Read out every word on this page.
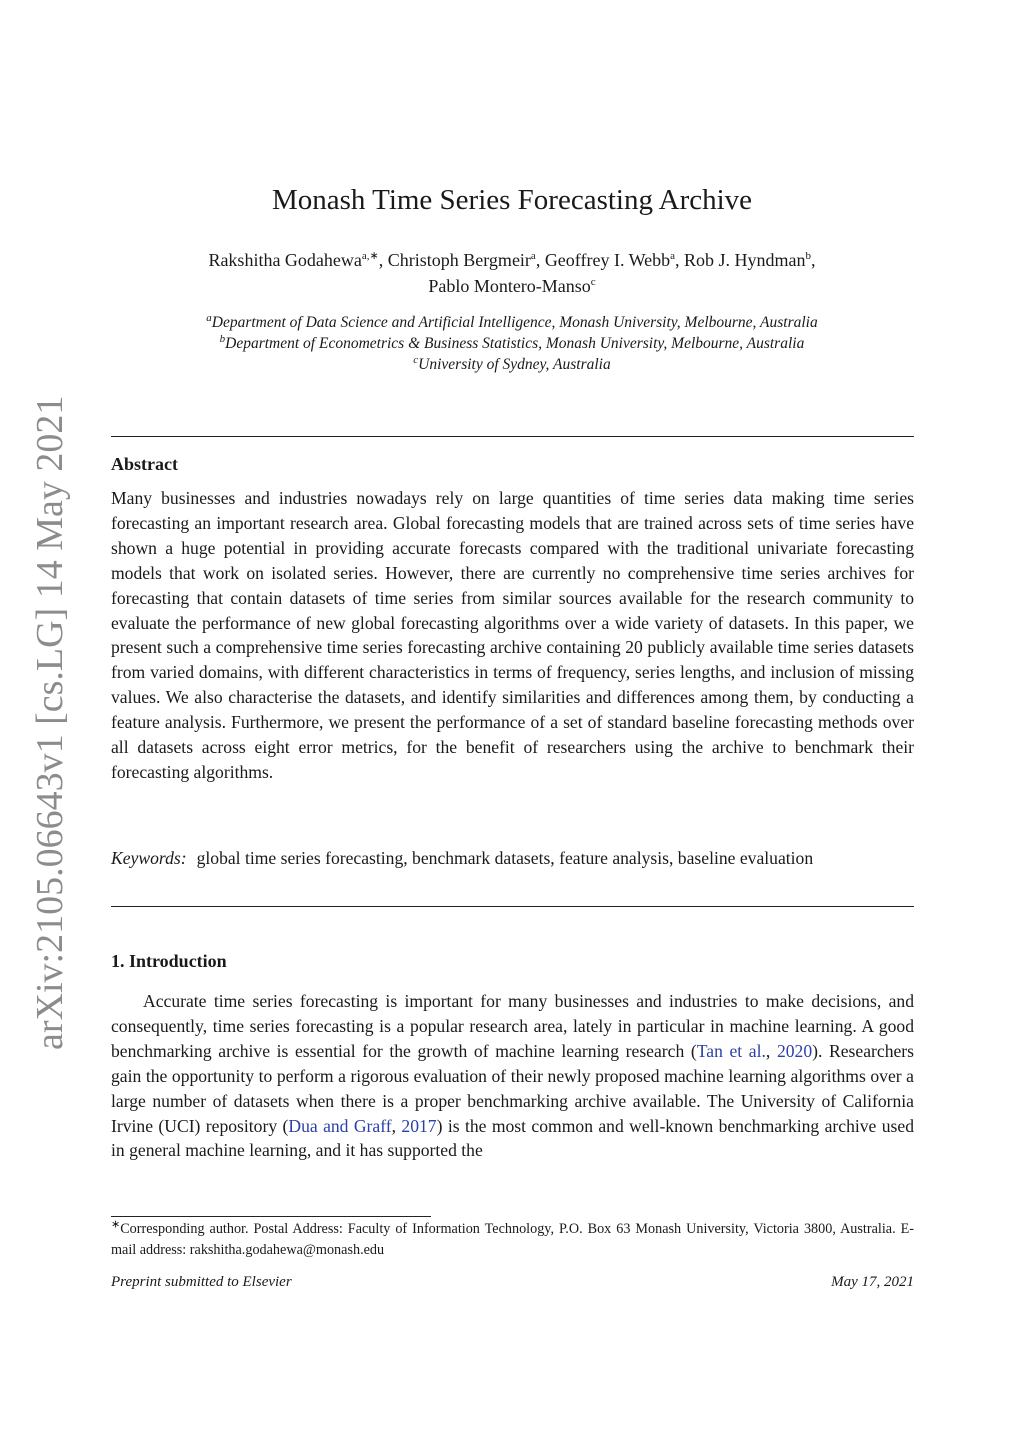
arXiv:2105.06643v1 [cs.LG] 14 May 2021
Monash Time Series Forecasting Archive
Rakshitha Godahewa$^{a,∗}$, Christoph Bergmeir$^a$, Geoffrey I. Webb$^a$, Rob J. Hyndman$^b$,
Pablo Montero-Manso$^c$
$^a$Department of Data Science and Artificial Intelligence, Monash University, Melbourne, Australia
$^b$Department of Econometrics & Business Statistics, Monash University, Melbourne, Australia
$^c$University of Sydney, Australia
Abstract
Many businesses and industries nowadays rely on large quantities of time series data making time series forecasting an important research area. Global forecasting models that are trained across sets of time series have shown a huge potential in providing accurate forecasts compared with the traditional univariate forecasting models that work on isolated series. However, there are currently no comprehensive time series archives for forecasting that contain datasets of time series from similar sources available for the research community to evaluate the performance of new global forecasting algorithms over a wide variety of datasets. In this paper, we present such a comprehensive time series forecasting archive containing 20 publicly available time series datasets from varied domains, with different characteristics in terms of frequency, series lengths, and inclusion of missing values. We also characterise the datasets, and identify similarities and differences among them, by conducting a feature analysis. Furthermore, we present the performance of a set of standard baseline forecasting methods over all datasets across eight error metrics, for the benefit of researchers using the archive to benchmark their forecasting algorithms.
Keywords: global time series forecasting, benchmark datasets, feature analysis, baseline evaluation
1. Introduction
Accurate time series forecasting is important for many businesses and industries to make decisions, and consequently, time series forecasting is a popular research area, lately in particular in machine learning. A good benchmarking archive is essential for the growth of machine learning research (Tan et al., 2020). Researchers gain the opportunity to perform a rigorous evaluation of their newly proposed machine learning algorithms over a large number of datasets when there is a proper benchmarking archive available. The University of California Irvine (UCI) repository (Dua and Graff, 2017) is the most common and well-known benchmarking archive used in general machine learning, and it has supported the
∗Corresponding author. Postal Address: Faculty of Information Technology, P.O. Box 63 Monash University, Victoria 3800, Australia. E-mail address: rakshitha.godahewa@monash.edu
Preprint submitted to Elsevier	May 17, 2021
